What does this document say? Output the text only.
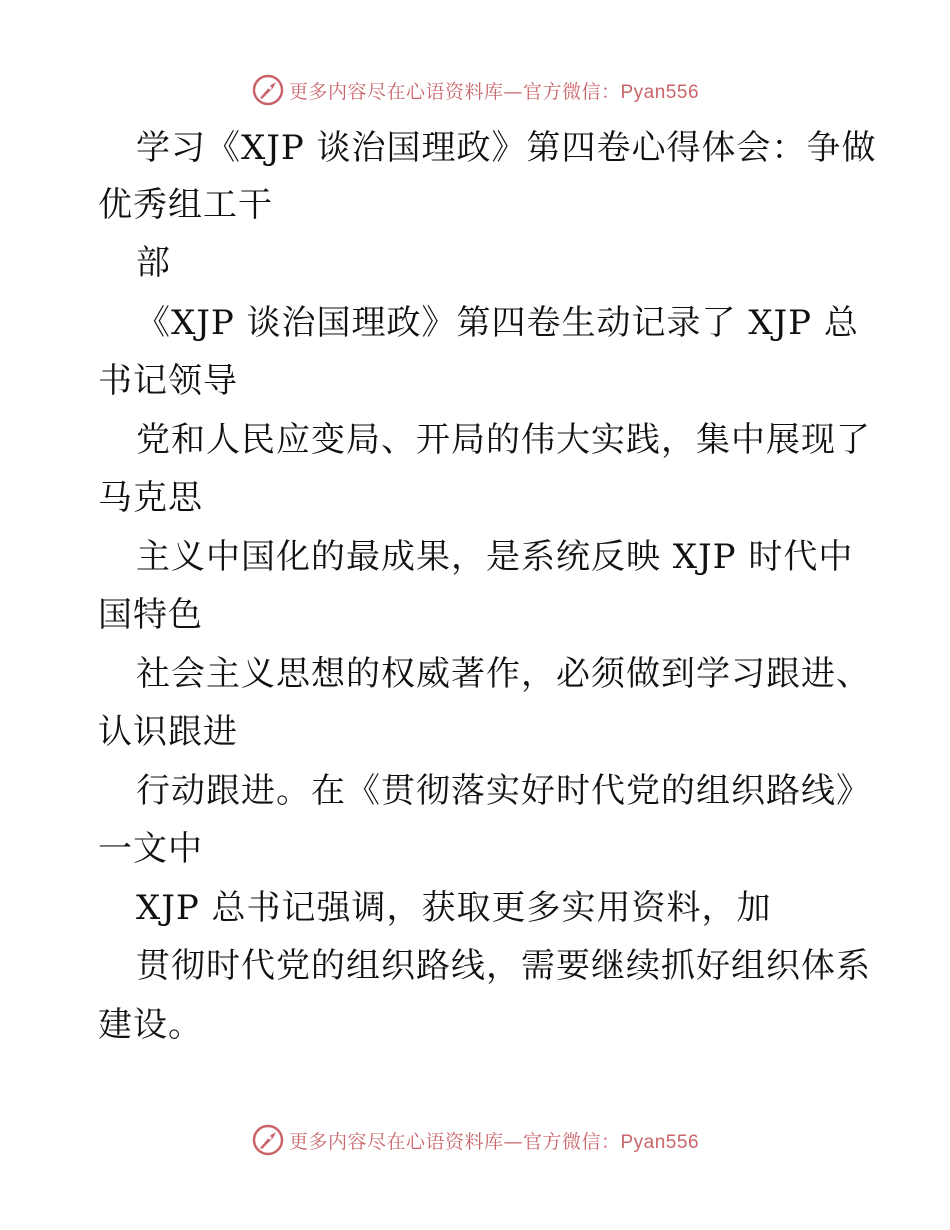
更多内容尽在心语资料库—官方微信：Pyan556
学习《XJP 谈治国理政》第四卷心得体会：争做
优秀组工干
部
《XJP 谈治国理政》第四卷生动记录了 XJP 总
书记领导
党和人民应变局、开局的伟大实践，集中展现了
马克思
主义中国化的最成果，是系统反映 XJP 时代中
国特色
社会主义思想的权威著作，必须做到学习跟进、
认识跟进
行动跟进。在《贯彻落实好时代党的组织路线》
一文中
XJP 总书记强调，获取更多实用资料，加
贯彻时代党的组织路线，需要继续抓好组织体系
建设。
更多内容尽在心语资料库—官方微信：Pyan556
